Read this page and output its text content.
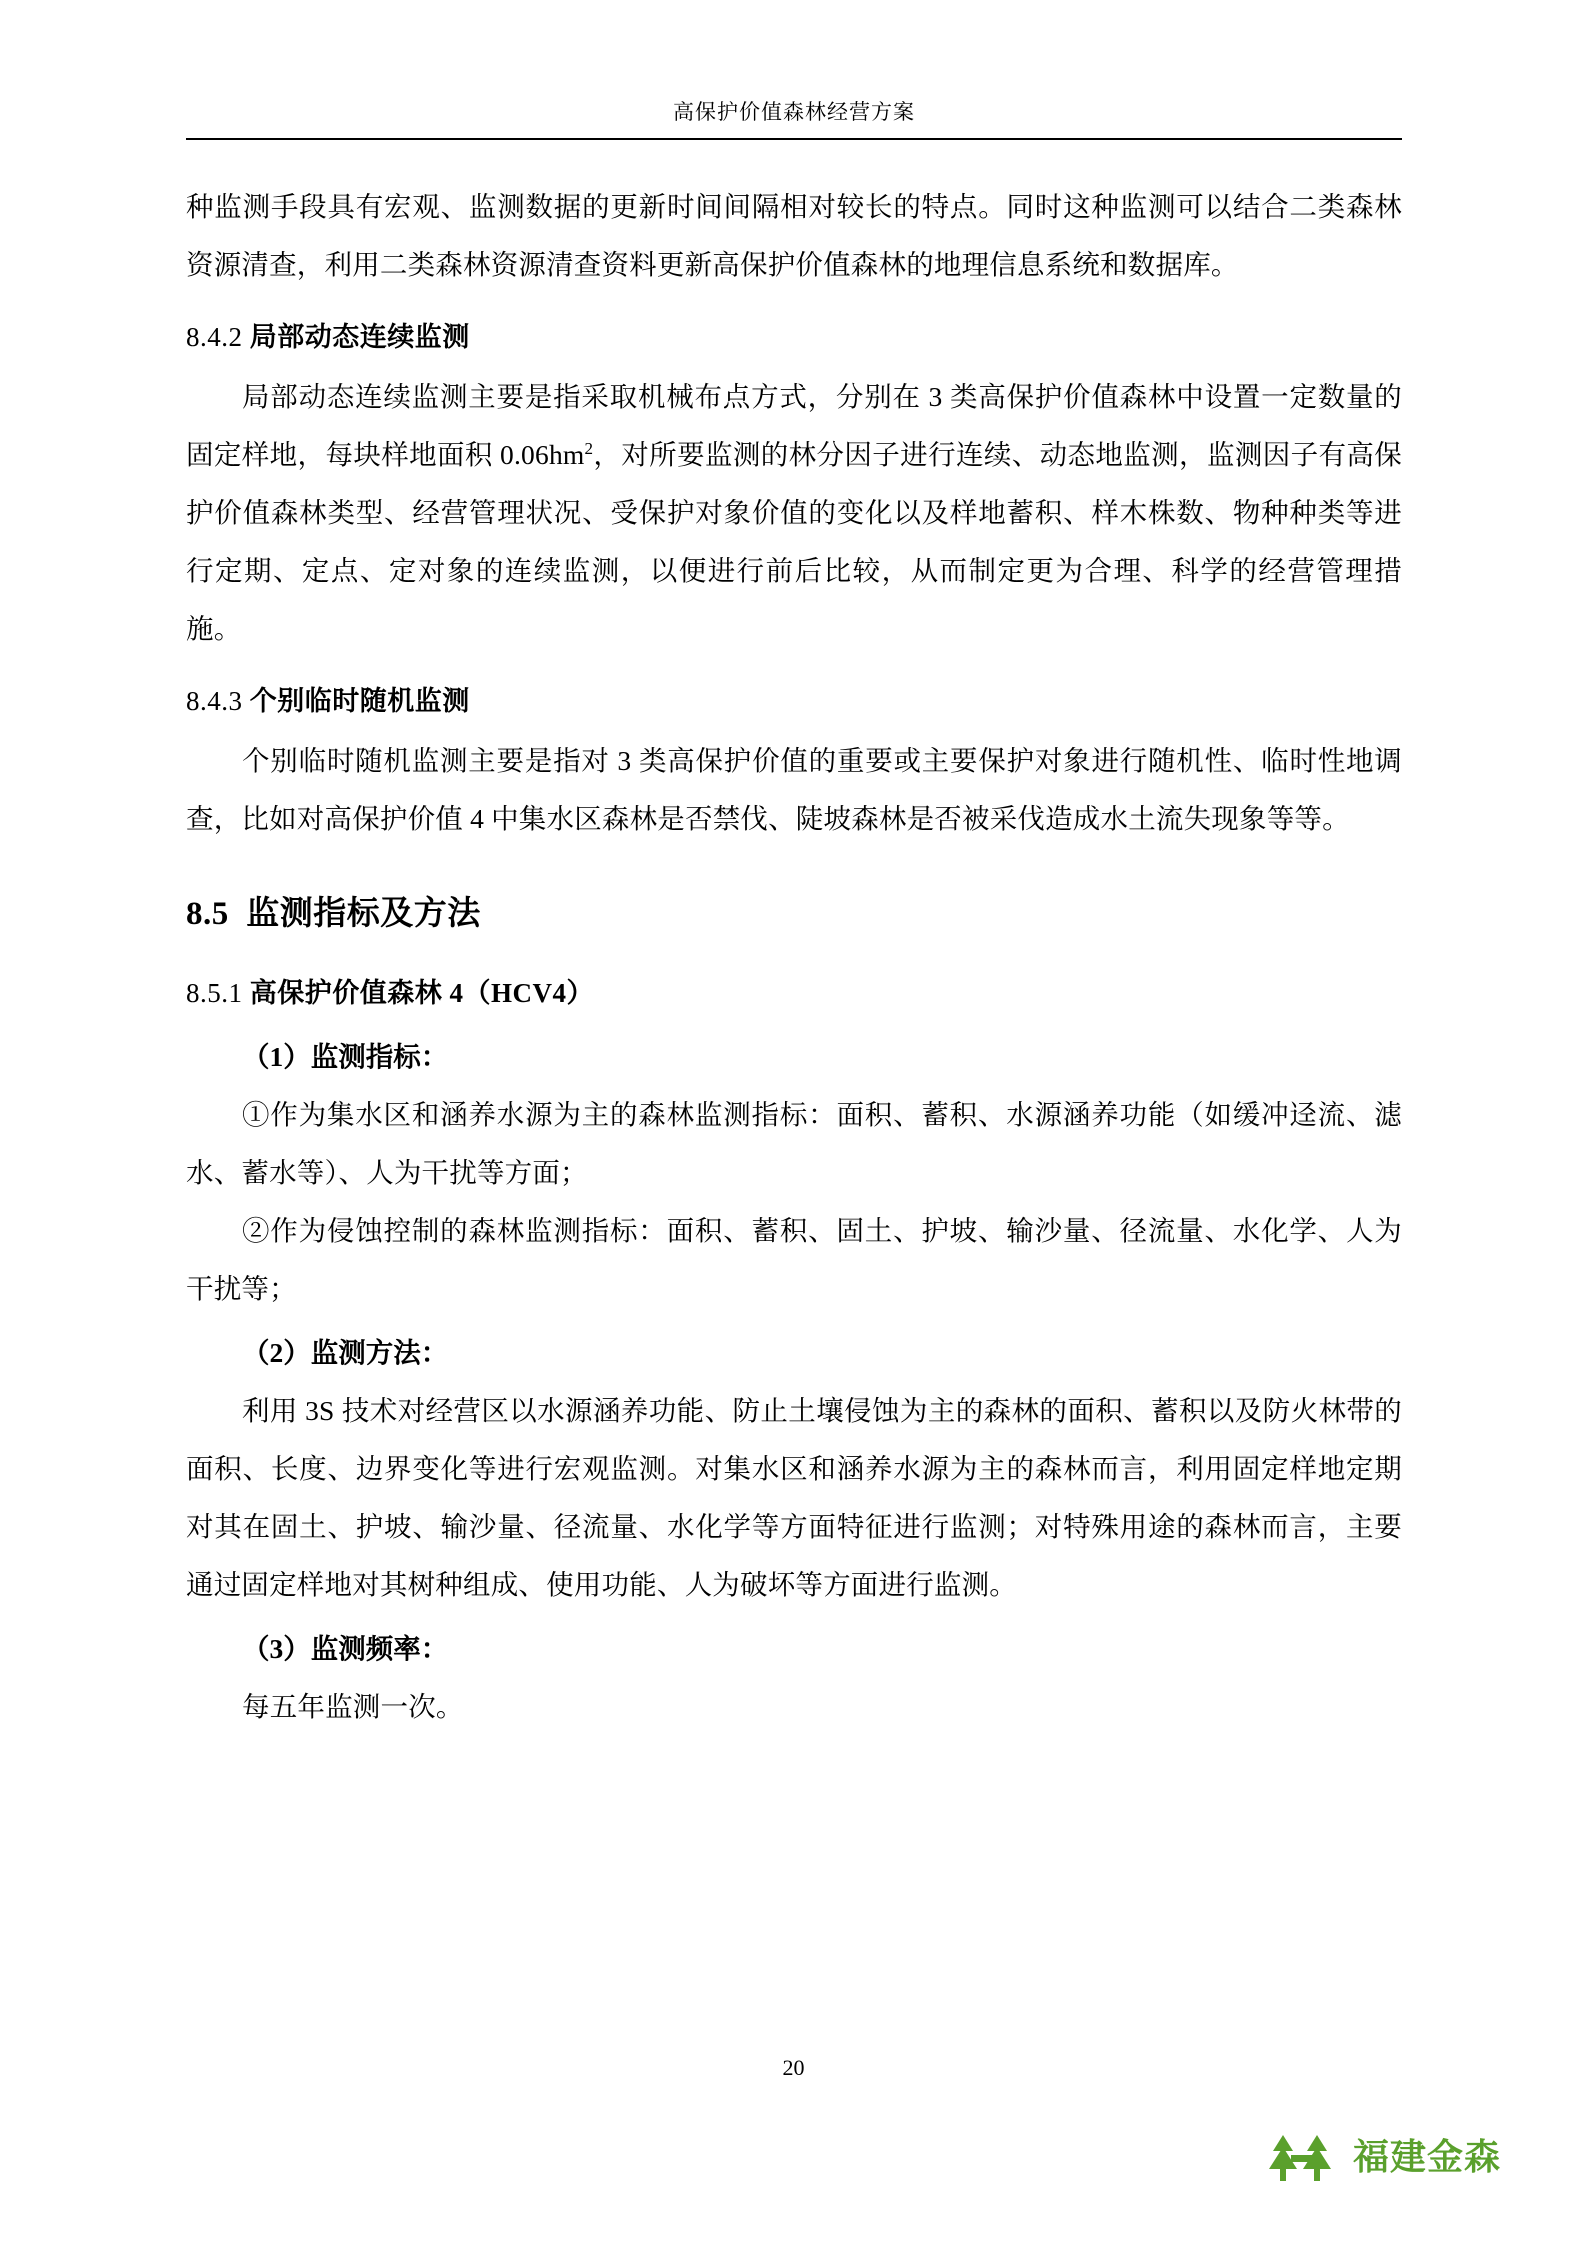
高保护价值森林经营方案

种监测手段具有宏观、监测数据的更新时间间隔相对较长的特点。同时这种监测可以结合二类森林资源清查，利用二类森林资源清查资料更新高保护价值森林的地理信息系统和数据库。

8.4.2 局部动态连续监测

局部动态连续监测主要是指采取机械布点方式，分别在 3 类高保护价值森林中设置一定数量的固定样地，每块样地面积 $0.06hm^2$，对所要监测的林分因子进行连续、动态地监测，监测因子有高保护价值森林类型、经营管理状况、受保护对象价值的变化以及样地蓄积、样木株数、物种种类等进行定期、定点、定对象的连续监测，以便进行前后比较，从而制定更为合理、科学的经营管理措施。

8.4.3 个别临时随机监测

个别临时随机监测主要是指对 3 类高保护价值的重要或主要保护对象进行随机性、临时性地调查，比如对高保护价值 4 中集水区森林是否禁伐、陡坡森林是否被采伐造成水土流失现象等等。

8.5 监测指标及方法
8.5.1 高保护价值森林 4（HCV4）
（1）监测指标：

①作为集水区和涵养水源为主的森林监测指标：面积、蓄积、水源涵养功能（如缓冲迳流、滤水、蓄水等）、人为干扰等方面；

②作为侵蚀控制的森林监测指标：面积、蓄积、固土、护坡、输沙量、径流量、水化学、人为干扰等；

（2）监测方法：

利用 3S 技术对经营区以水源涵养功能、防止土壤侵蚀为主的森林的面积、蓄积以及防火林带的面积、长度、边界变化等进行宏观监测。对集水区和涵养水源为主的森林而言，利用固定样地定期对其在固土、护坡、输沙量、径流量、水化学等方面特征进行监测；对特殊用途的森林而言，主要通过固定样地对其树种组成、使用功能、人为破坏等方面进行监测。

（3）监测频率：

每五年监测一次。

20
福建金森
